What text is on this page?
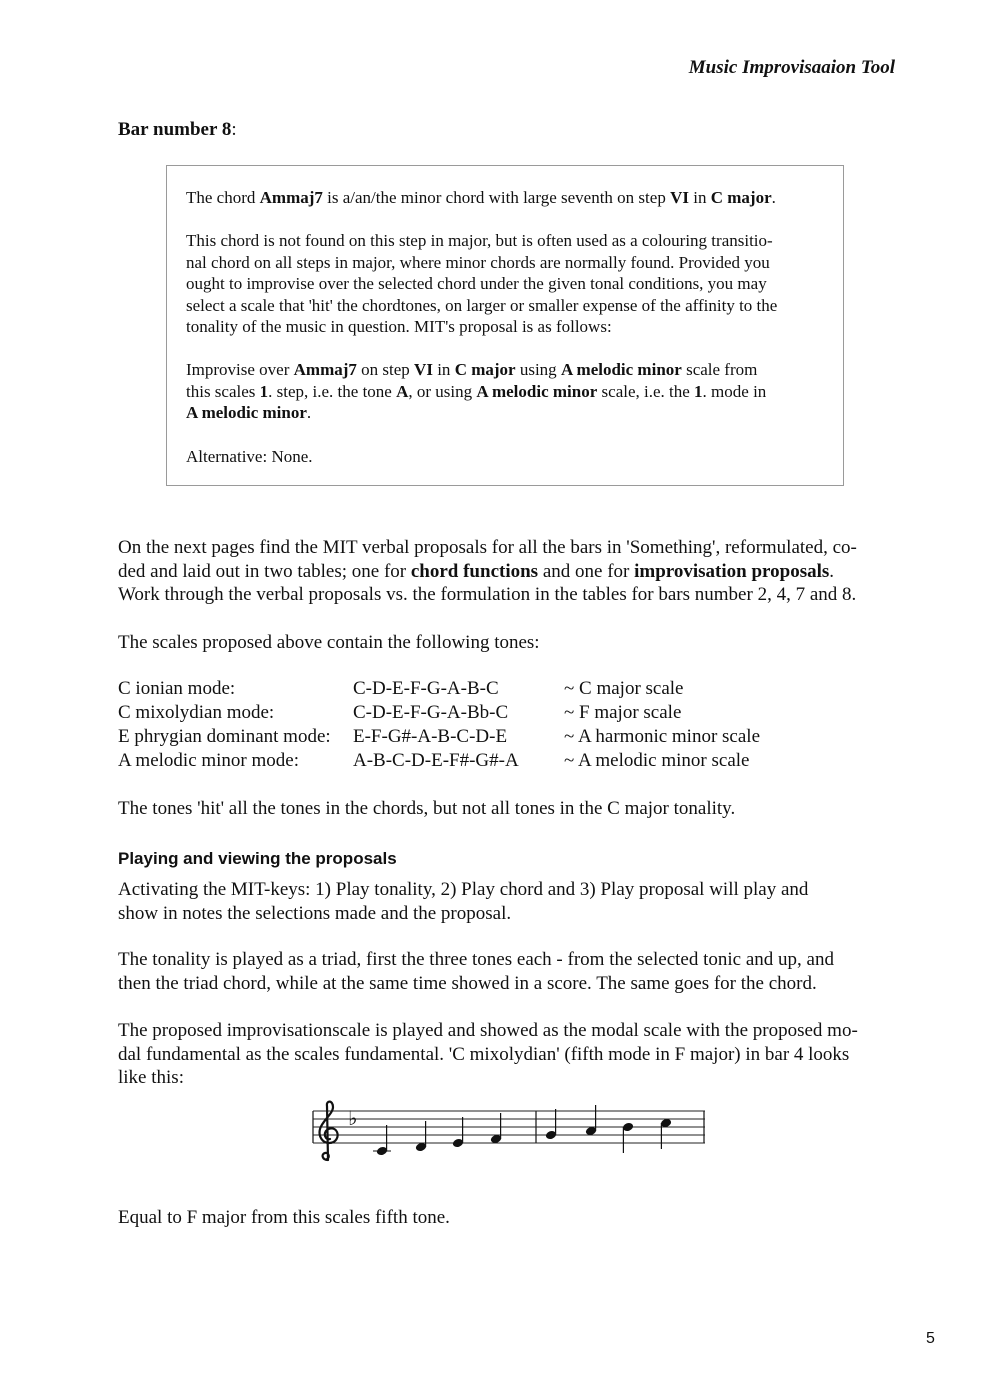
Music Improvisaaion Tool
Bar number 8:

The chord Ammaj7 is a/an/the minor chord with large seventh on step VI in C major.

This chord is not found on this step in major, but is often used as a colouring transitio-
nal chord on all steps in major, where minor chords are normally found. Provided you
ought to improvise over the selected chord under the given tonal conditions, you may
select a scale that 'hit' the chordtones, on larger or smaller expense of the affinity to the
tonality of the music in question. MIT's proposal is as follows:

Improvise over Ammaj7 on step VI in C major using A melodic minor scale from
this scales 1. step, i.e. the tone A, or using A melodic minor scale, i.e. the 1. mode in
A melodic minor.

Alternative: None.

On the next pages find the MIT verbal proposals for all the bars in 'Something', reformulated, co-
ded and laid out in two tables; one for chord functions and one for improvisation proposals.
Work through the verbal proposals vs. the formulation in the tables for bars number 2, 4, 7 and 8.

The scales proposed above contain the following tones:

C ionian mode:	C-D-E-F-G-A-B-C	~ C major scale
C mixolydian mode:	C-D-E-F-G-A-Bb-C	~ F major scale
E phrygian dominant mode: E-F-G#-A-B-C-D-E	~ A harmonic minor scale
A melodic minor mode:	A-B-C-D-E-F#-G#-A ~ A melodic minor scale

The tones 'hit' all the tones in the chords, but not all tones in the C major tonality.

Playing and viewing the proposals

Activating the MIT-keys: 1) Play tonality, 2) Play chord and 3) Play proposal will play and
show in notes the selections made and the proposal.

The tonality is played as a triad, first the three tones each - from the selected tonic and up, and
then the triad chord, while at the same time showed in a score. The same goes for the chord.

The proposed improvisationscale is played and showed as the modal scale with the proposed mo-
dal fundamental as the scales fundamental. 'C mixolydian' (fifth mode in F major) in bar 4 looks
like this:

♭

Equal to F major from this scales fifth tone.

5
